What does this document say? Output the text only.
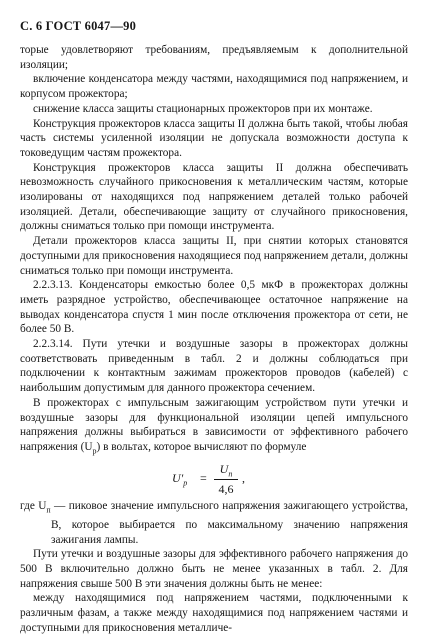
С. 6 ГОСТ 6047—90

торые удовлетворяют требованиям, предъявляемым к дополнительной изоляции;

включение конденсатора между частями, находящимися под напряжением, и корпусом прожектора;

снижение класса защиты стационарных прожекторов при их монтаже.

Конструкция прожекторов класса защиты II должна быть такой, чтобы любая часть системы усиленной изоляции не допускала возможности доступа к токоведущим частям прожектора.

Конструкция прожекторов класса защиты II должна обеспечивать невозможность случайного прикосновения к металлическим частям, которые изолированы от находящихся под напряжением деталей только рабочей изоляцией. Детали, обеспечивающие защиту от случайного прикосновения, должны сниматься только при помощи инструмента.

Детали прожекторов класса защиты II, при снятии которых становятся доступными для прикосновения находящиеся под напряжением детали, должны сниматься только при помощи инструмента.

2.2.3.13. Конденсаторы емкостью более 0,5 мкФ в прожекторах должны иметь разрядное устройство, обеспечивающее остаточное напряжение на выводах конденсатора спустя 1 мин после отключения прожектора от сети, не более 50 В.

2.2.3.14. Пути утечки и воздушные зазоры в прожекторах должны соответствовать приведенным в табл. 2 и должны соблюдаться при подключении к контактным зажимам прожекторов проводов (кабелей) с наибольшим допустимым для данного прожектора сечением.

В прожекторах с импульсным зажигающим устройством пути утечки и воздушные зазоры для функциональной изоляции цепей импульсного напряжения должны выбираться в зависимости от эффективного рабочего напряжения $(U_р)$ в вольтах, которое вычисляют по формуле

$U'_р$ =
$U_п$
4,6
,

где $U_п$ — пиковое значение импульсного напряжения зажигающего устройства, В, которое выбирается по максимальному значению напряжения зажигания лампы.

Пути утечки и воздушные зазоры для эффективного рабочего напряжения до 500 В включительно должно быть не менее указанных в табл. 2. Для напряжения свыше 500 В эти значения должны быть не менее:

между находящимися под напряжением частями, подключенными к различным фазам, а также между находящимися под напряжением частями и доступными для прикосновения металличе-
